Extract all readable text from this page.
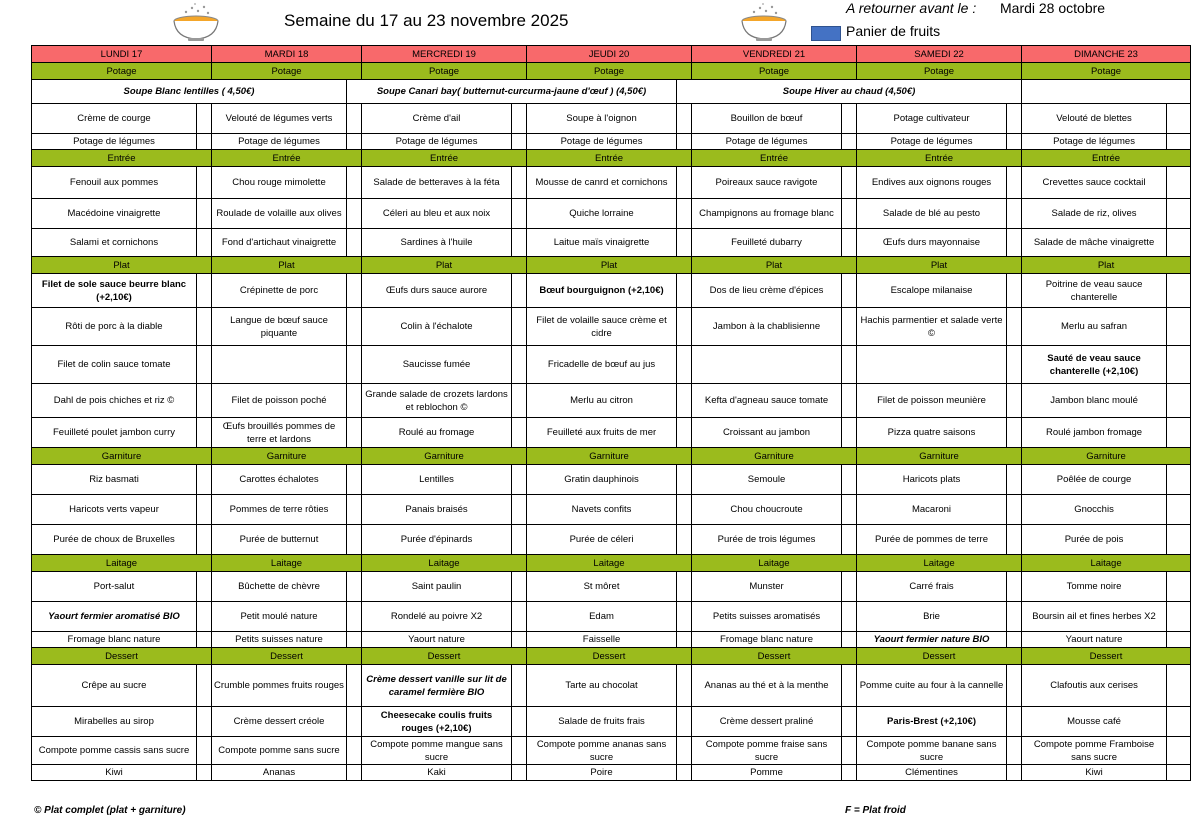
Semaine du 17 au 23 novembre 2025
A retourner avant le : Mardi 28 octobre
Panier de fruits
LUNDI 17		MARDI 18		MERCREDI 19		JEUDI 20		VENDREDI 21		SAMEDI 22		DIMANCHE 23	
Potage		Potage		Potage		Potage		Potage		Potage		Potage	
Soupe Blanc lentilles ( 4,50€)			Soupe Canari bay( butternut-curcurma-jaune d'œuf ) (4,50€)				Soupe Hiver au chaud (4,50€)						
Crème de courge		Velouté de légumes verts		Crème d'ail		Soupe à l'oignon		Bouillon de bœuf		Potage cultivateur		Velouté de blettes	
Potage de légumes		Potage de légumes		Potage de légumes		Potage de légumes		Potage de légumes		Potage de légumes		Potage de légumes	
Entrée		Entrée		Entrée		Entrée		Entrée		Entrée		Entrée	
Fenouil aux pommes		Chou rouge mimolette		Salade de betteraves à la féta		Mousse de canrd et cornichons		Poireaux sauce ravigote		Endives aux oignons rouges		Crevettes sauce cocktail	
Macédoine vinaigrette		Roulade de volaille aux olives		Céleri au bleu et aux noix		Quiche lorraine		Champignons au fromage blanc		Salade de blé au pesto		Salade de riz, olives	
Salami et cornichons		Fond d'artichaut vinaigrette		Sardines à l'huile		Laitue maïs vinaigrette		Feuilleté dubarry		Œufs durs mayonnaise		Salade de mâche vinaigrette	
Plat		Plat		Plat		Plat		Plat		Plat		Plat	
Filet de sole sauce beurre blanc (+2,10€)		Crépinette de porc		Œufs durs sauce aurore		Bœuf bourguignon (+2,10€)		Dos de lieu crème d'épices		Escalope milanaise		Poitrine de veau sauce chanterelle	
Rôti de porc à la diable		Langue de bœuf sauce piquante		Colin à l'échalote		Filet de volaille sauce crème et cidre		Jambon à la chablisienne		Hachis parmentier et salade verte ©		Merlu au safran	
Filet de colin sauce tomate				Saucisse fumée		Fricadelle de bœuf au jus						Sauté de veau sauce chanterelle (+2,10€)	
Dahl de pois chiches et riz ©		Filet de poisson poché		Grande salade de crozets lardons et reblochon ©		Merlu au citron		Kefta d'agneau sauce tomate		Filet de poisson meunière		Jambon blanc moulé	
Feuilleté poulet jambon curry		Œufs brouillés pommes de terre et lardons		Roulé au fromage		Feuilleté aux fruits de mer		Croissant au jambon		Pizza quatre saisons		Roulé jambon fromage	
Garniture		Garniture		Garniture		Garniture		Garniture		Garniture		Garniture	
Riz basmati		Carottes échalotes		Lentilles		Gratin dauphinois		Semoule		Haricots plats		Poêlée de courge	
Haricots verts vapeur		Pommes de terre rôties		Panais braisés		Navets confits		Chou choucroute		Macaroni		Gnocchis	
Purée de choux de Bruxelles		Purée de butternut		Purée d'épinards		Purée de céleri		Purée de trois légumes		Purée de pommes de terre		Purée de pois	
Laitage		Laitage		Laitage		Laitage		Laitage		Laitage		Laitage	
Port-salut		Bûchette de chèvre		Saint paulin		St môret		Munster		Carré frais		Tomme noire	
Yaourt fermier aromatisé BIO		Petit moulé nature		Rondelé au poivre X2		Edam		Petits suisses aromatisés		Brie		Boursin ail et fines herbes X2	
Fromage blanc nature		Petits suisses nature		Yaourt nature		Faisselle		Fromage blanc nature		Yaourt fermier nature BIO		Yaourt nature	
Dessert		Dessert		Dessert		Dessert		Dessert		Dessert		Dessert	
Crêpe au sucre		Crumble pommes fruits rouges		Crème dessert vanille sur lit de caramel fermière BIO		Tarte au chocolat		Ananas au thé et à la menthe		Pomme cuite au four à la cannelle		Clafoutis aux cerises	
Mirabelles au sirop		Crème dessert créole		Cheesecake coulis fruits rouges (+2,10€)		Salade de fruits frais		Crème dessert praliné		Paris-Brest (+2,10€)		Mousse café	
Compote pomme cassis sans sucre		Compote pomme sans sucre		Compote pomme mangue sans sucre		Compote pomme ananas sans sucre		Compote pomme fraise sans sucre		Compote pomme banane sans sucre		Compote pomme Framboise sans sucre	
Kiwi		Ananas		Kaki		Poire		Pomme		Clémentines		Kiwi	
© Plat complet (plat + garniture)	F = Plat froid
